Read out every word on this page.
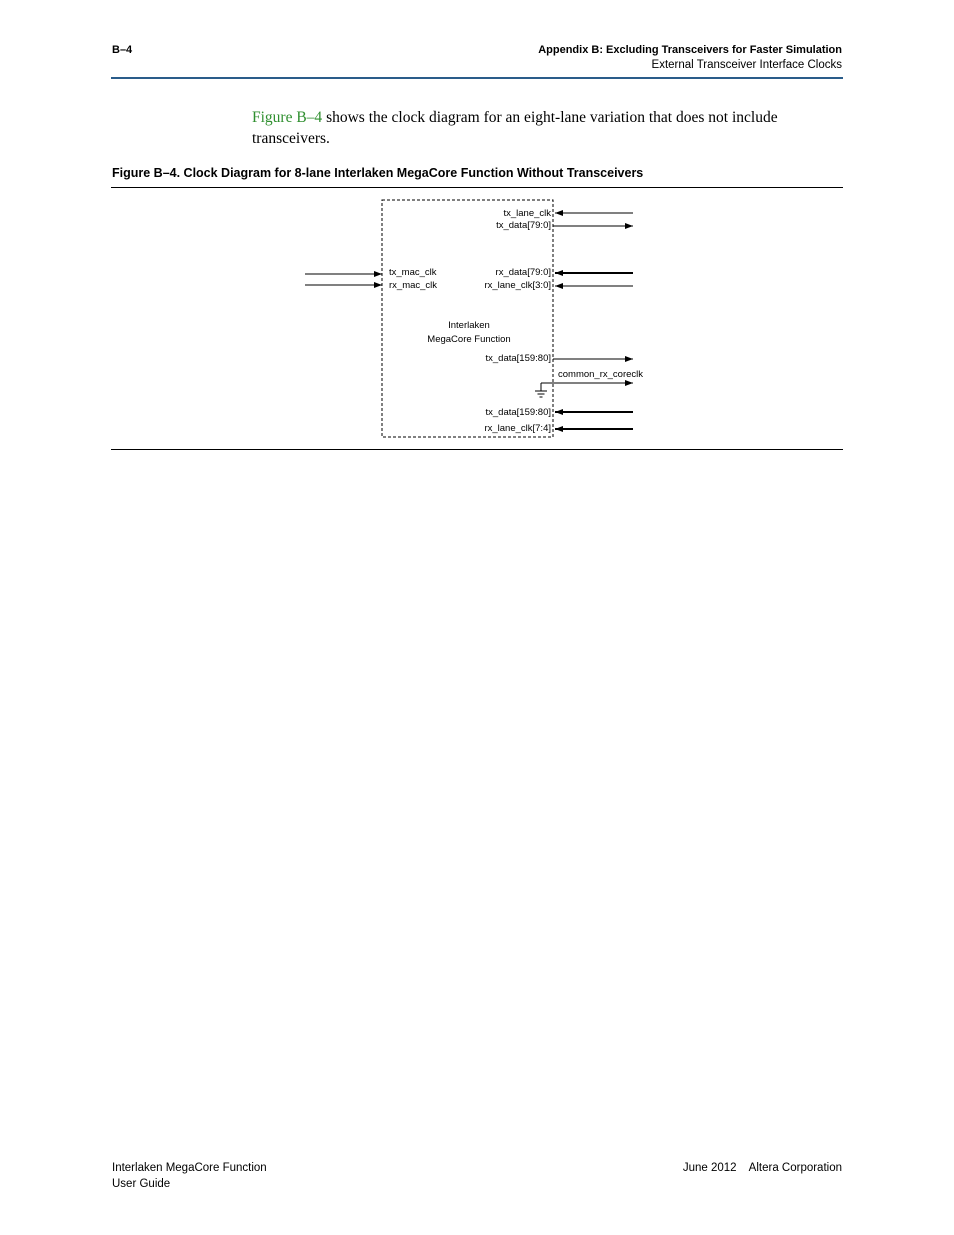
B–4	Appendix B: Excluding Transceivers for Faster Simulation
External Transceiver Interface Clocks
Figure B–4 shows the clock diagram for an eight-lane variation that does not include transceivers.
Figure B–4. Clock Diagram for 8-lane Interlaken MegaCore Function Without Transceivers
tx_lane_clk
tx_data[79:0]
tx_mac_clk
rx_mac_clk
rx_data[79:0]
rx_lane_clk[3:0]
Interlaken
MegaCore Function
tx_data[159:80]
common_rx_coreclk
tx_data[159:80]
rx_lane_clk[7:4]
Interlaken MegaCore Function
User Guide
June 2012    Altera Corporation
